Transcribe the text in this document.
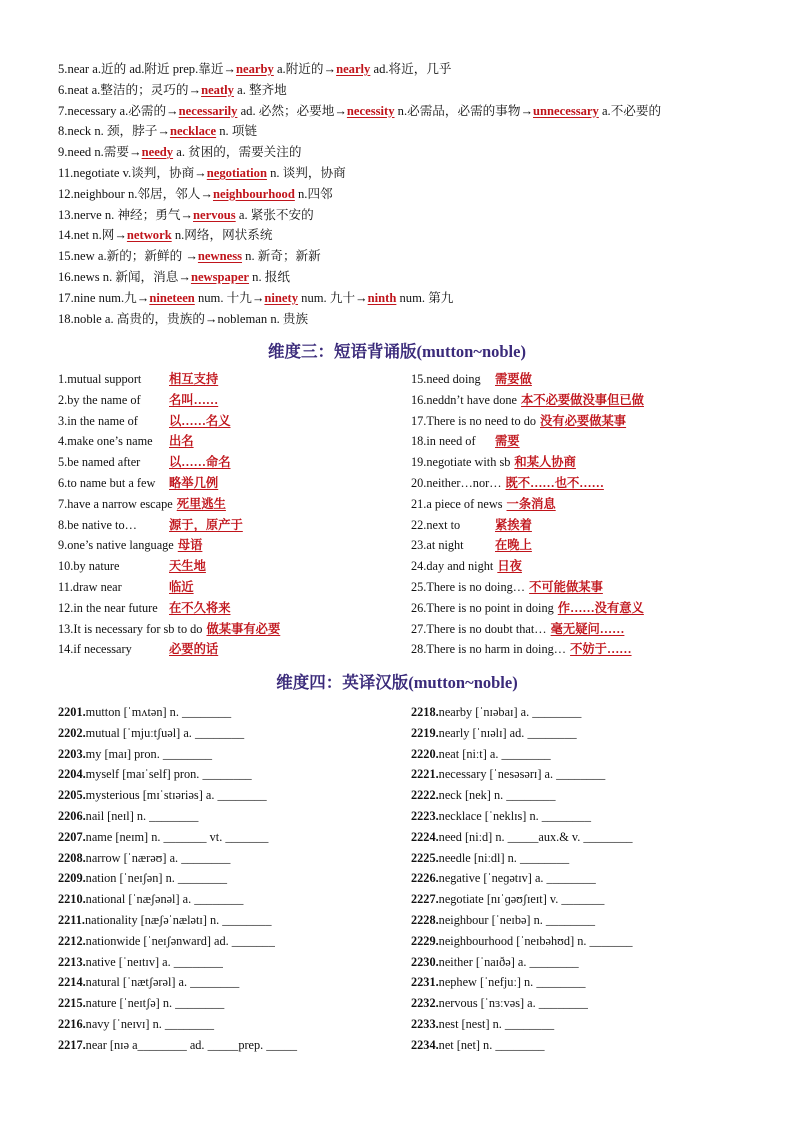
5.near a.近的 ad.附近 prep.靠近→nearby a.附近的→nearly ad.将近，几乎
6.neat a.整洁的；灵巧的→neatly a. 整齐地
7.necessary a.必需的→necessarily ad. 必然；必要地→necessity n.必需品，必需的事物→unnecessary a.不必要的
8.neck n. 颈，脖子→necklace n. 项链
9.need n.需要→needy a. 贫困的，需要关注的
11.negotiate v.谈判，协商→negotiation n. 谈判，协商
12.neighbour n.邻居，邻人→neighbourhood n.四邻
13.nerve n. 神经；勇气→nervous a. 紧张不安的
14.net n.网→network n.网络，网状系统
15.new a.新的；新鲜的 →newness n. 新奇；新新
16.news n. 新闻，消息→newspaper n. 报纸
17.nine num.九→nineteen num. 十九→ninety num. 九十→ninth num. 第九
18.noble a. 高贵的，贵族的→nobleman n. 贵族
维度三：短语背诵版(mutton~noble)
1.mutual support 相互支持
2.by the name of 名叫……
3.in the name of	以……名义
4.make one’s name 出名
5.be named after 以……命名
6.to name but a few 略举几例
7.have a narrow escape 死里逃生
8.be native to…	源于，原产于
9.one’s native language 母语
10.by nature	天生地
11.draw near	临近
12.in the near future 在不久将来
13.It is necessary for sb to do 做某事有必要
14.if necessary	必要的话
15.need doing 需要做
16.neddn’t have done 本不必要做没事但已做
17.There is no need to do 没有必要做某事
18.in need of 需要
19.negotiate with sb 和某人协商
20.neither…nor… 既不……也不……
21.a piece of news 一条消息
22.next to	紧挨着
23.at night	在晚上
24.day and night 日夜
25.There is no doing… 不可能做某事
26.There is no point in doing 作……没有意义
27.There is no doubt that… 毫无疑问……
28.There is no harm in doing… 不妨于……
维度四：英译汉版(mutton~noble)
2201.mutton [ˈmʌtən] n. ________
2202.mutual [ˈmjuːtʃuəl] a. ________
2203.my [maɪ] pron. ________
2204.myself [maɪˈself] pron. ________
2205.mysterious [mɪˈstɪəriəs] a. ________
2206.nail [neɪl] n. ________
2207.name [neɪm] n. _______ vt. _______
2208.narrow [ˈnærəʊ] a. ________
2209.nation [ˈneɪʃən] n. ________
2210.national [ˈnæʃənəl] a. ________
2211.nationality [næʃəˈnælətɪ] n. ________
2212.nationwide [ˈneɪʃənward] ad. _______
2213.native [ˈneɪtɪv] a. ________
2214.natural [ˈnætʃərəl] a. ________
2215.nature [ˈneɪtʃə] n. ________
2216.navy [ˈneɪvɪ] n. ________
2217.near [nɪə a________ ad. _____prep. _____
2218.nearby [ˈnɪəbaɪ] a. ________
2219.nearly [ˈnɪəlɪ] ad. ________
2220.neat [niːt] a. ________
2221.necessary [ˈnesəsərɪ] a. ________
2222.neck [nek] n. ________
2223.necklace [ˈneklɪs] n. ________
2224.need [niːd] n. _____aux.& v. ________
2225.needle [niːdl] n. ________
2226.negative [ˈneɡətɪv] a. ________
2227.negotiate [nɪˈɡəʊʃɪeɪt] v. _______
2228.neighbour [ˈneɪbə] n. ________
2229.neighbourhood [ˈneɪbəhʊd] n. _______
2230.neither [ˈnaɪðə] a. ________
2231.nephew [ˈnefjuː] n. ________
2232.nervous [ˈnɜːvəs] a. ________
2233.nest [nest] n. ________
2234.net [net] n. ________
